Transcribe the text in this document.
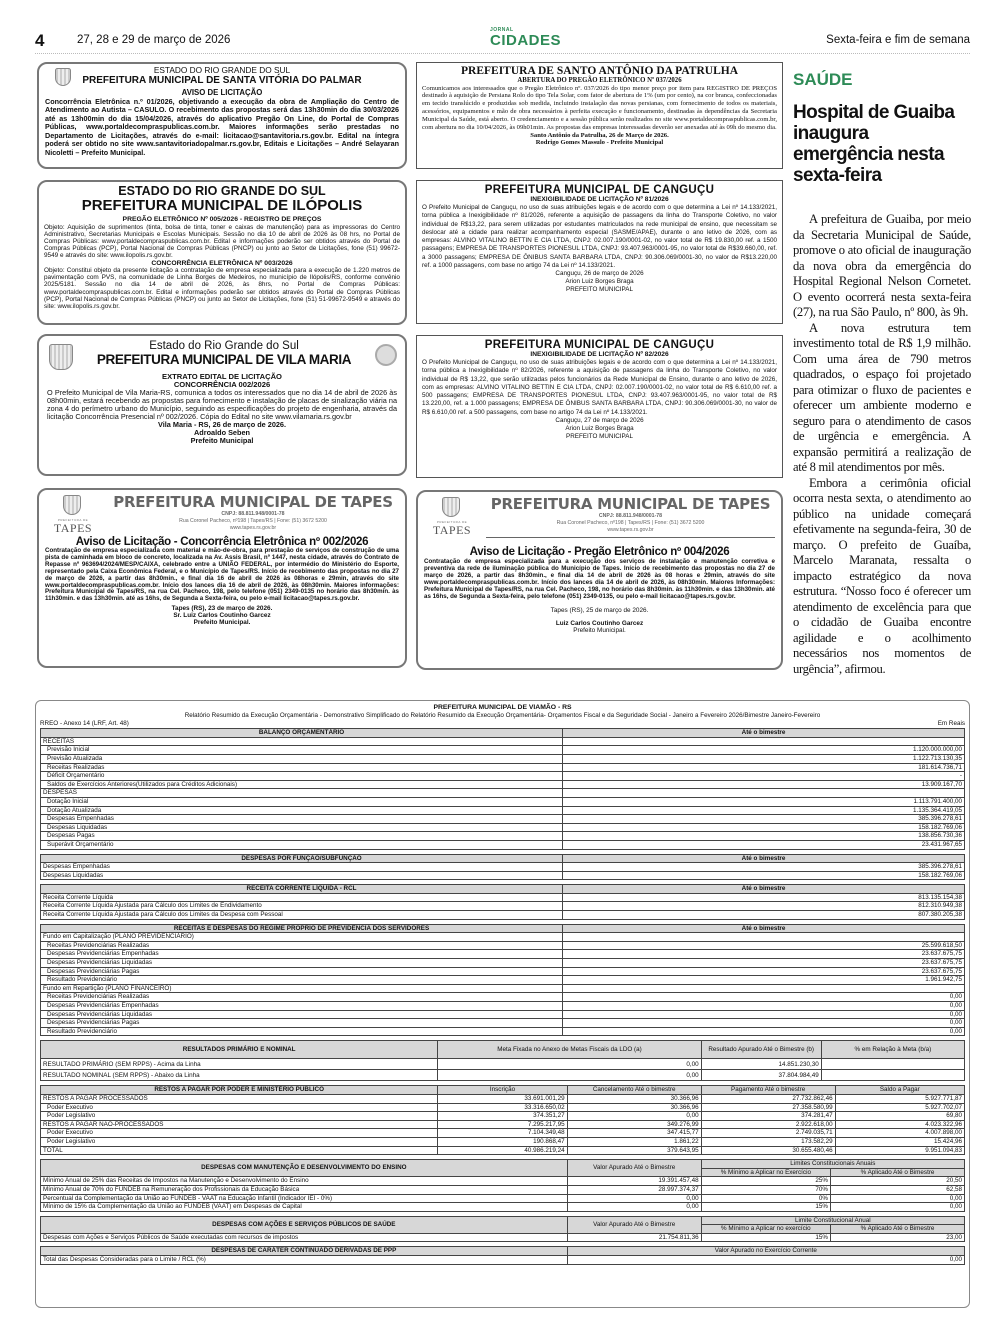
4	27, 28 e 29 de março de 2026
JORNAL
CIDADES	Sexta-feira e fim de semana
ESTADO DO RIO GRANDE DO SUL
PREFEITURA MUNICIPAL DE SANTA VITÓRIA DO PALMAR
AVISO DE LICITAÇÃO
Concorrência Eletrônica n.º 01/2026, objetivando a execução da obra de Ampliação do Centro de Atendimento ao Autista – CASULO. O recebimento das propostas será das 13h30min do dia 30/03/2026 até as 13h00min do dia 15/04/2026, através do aplicativo Pregão On Line, do Portal de Compras Públicas, www.portaldecompraspublicas.com.br. Maiores informações serão prestadas no Departamento de Licitações, através do e-mail: licitacao@santavitoria.rs.gov.br. Edital na íntegra poderá ser obtido no site www.santavitoriadopalmar.rs.gov.br, Editais e Licitações – André Selayaran Nicoletti – Prefeito Municipal.
ESTADO DO RIO GRANDE DO SUL
PREFEITURA MUNICIPAL DE ILÓPOLIS
PREGÃO ELETRÔNICO Nº 005/2026 - REGISTRO DE PREÇOS
Objeto: Aquisição de suprimentos (tinta, bolsa de tinta, toner e caixas de manutenção) para as impressoras do Centro Administrativo, Secretarias Municipais e Escolas Municipais. Sessão no dia 10 de abril de 2026 às 08 hrs, no Portal de Compras Públicas: www.portaldecompraspublicas.com.br. Edital e informações poderão ser obtidos através do Portal de Compras Públicas (PCP), Portal Nacional de Compras Públicas (PNCP) ou junto ao Setor de Licitações, fone (51) 99672-9549 e através do site: www.ilopolis.rs.gov.br.
CONCORRÊNCIA ELETRÔNICA Nº 003/2026
Objeto: Constitui objeto da presente licitação a contratação de empresa especializada para a execução de 1.220 metros de pavimentação com PVS, na comunidade de Linha Borges de Medeiros, no município de Ilópolis/RS, conforme convênio 2025/5181. Sessão no dia 14 de abril de 2026, às 8hrs, no Portal de Compras Públicas: www.portaldecompraspublicas.com.br. Edital e informações poderão ser obtidos através do Portal de Compras Públicas (PCP), Portal Nacional de Compras Públicas (PNCP) ou junto ao Setor de Licitações, fone (51) 51-99672-9549 e através do site: www.ilopolis.rs.gov.br.
Estado do Rio Grande do Sul
PREFEITURA MUNICIPAL DE VILA MARIA
EXTRATO EDITAL DE LICITAÇÃO
CONCORRÊNCIA 002/2026
O Prefeito Municipal de Vila Maria-RS, comunica a todos os interessados que no dia 14 de abril de 2026 às 08h00min, estará recebendo as propostas para fornecimento e instalação de placas de sinalização viária na zona 4 do perímetro urbano do Município, seguindo as especificações do projeto de engenharia, através da licitação Concorrência Presencial nº 002/2026. Cópia do Edital no site www.vilamaria.rs.gov.br
Vila Maria - RS, 26 de março de 2026.
Adroaldo Seben
Prefeito Municipal
PREFEITURA DE SANTO ANTÔNIO DA PATRULHA
ABERTURA DO PREGÃO ELETRÔNICO Nº 037/2026
Comunicamos aos interessados que o Pregão Eletrônico nº. 037/2026 do tipo menor preço por item para REGISTRO DE PREÇOS destinado à aquisição de Persiana Rolo do tipo Tela Solar, com fator de abertura de 1% (um por cento), na cor branca, confeccionadas em tecido translúcido e produzidas sob medida, incluindo instalação das novas persianas, com fornecimento de todos os materiais, acessórios, equipamentos e mão de obra necessários à perfeita execução e funcionamento, destinadas às dependências da Secretaria Municipal da Saúde, está aberto. O credenciamento e a sessão pública serão realizados no site www.portaldecompraspublicas.com.br, com abertura no dia 10/04/2026, às 09h01min. As propostas das empresas interessadas deverão ser anexadas até às 09h do mesmo dia.
Santo Antônio da Patrulha, 26 de Março de 2026.
Rodrigo Gomes Massulo - Prefeito Municipal
PREFEITURA MUNICIPAL DE CANGUÇU
INEXIGIBILIDADE DE LICITAÇÃO Nº 81/2026
O Prefeito Municipal de Canguçu, no uso de suas atribuições legais e de acordo com o que determina a Lei nº 14.133/2021, torna pública a Inexigibilidade nº 81/2026, referente a aquisição de passagens da linha do Transporte Coletivo, no valor individual de R$13,22, para serem utilizadas por estudantes matriculados na rede municipal de ensino, que necessitam se deslocar até a cidade para realizar acompanhamento especial (SASME/APAE), durante o ano letivo de 2026, com as empresas: ALVINO VITALINO BETTIN E CIA LTDA, CNPJ: 02.007.190/0001-02, no valor total de R$ 19.830,00 ref. a 1500 passagens; EMPRESA DE TRANSPORTES PIONESUL LTDA, CNPJ: 93.407.963/0001-95, no valor total de R$39.660,00, ref. a 3000 passagens; EMPRESA DE ÔNIBUS SANTA BARBARA LTDA, CNPJ: 90.306.069/0001-30, no valor de R$13.220,00 ref. a 1000 passagens, com base no artigo 74 da Lei nº 14.133/2021.
Canguçu, 26 de março de 2026
Arion Luiz Borges Braga
PREFEITO MUNICIPAL
PREFEITURA MUNICIPAL DE CANGUÇU
INEXIGIBILIDADE DE LICITAÇÃO Nº 82/2026
O Prefeito Municipal de Canguçu, no uso de suas atribuições legais e de acordo com o que determina a Lei nº 14.133/2021, torna pública a Inexigibilidade nº 82/2026, referente a aquisição de passagens da linha do Transporte Coletivo, no valor individual de R$ 13,22, que serão utilizadas pelos funcionários da Rede Municipal de Ensino, durante o ano letivo de 2026, com as empresas: ALVINO VITALINO BETTIN E CIA LTDA, CNPJ: 02.007.190/0001-02, no valor total de R$ 6.610,00 ref. a 500 passagens; EMPRESA DE TRANSPORTES PIONESUL LTDA, CNPJ: 93.407.963/0001-95, no valor total de R$ 13.220,00, ref. a 1.000 passagens; EMPRESA DE ÔNIBUS SANTA BARBARA LTDA, CNPJ: 90.306.069/0001-30, no valor de R$ 6.610,00 ref. a 500 passagens, com base no artigo 74 da Lei nº 14.133/2021.
Canguçu, 27 de março de 2026
Arion Luiz Borges Braga
PREFEITO MUNICIPAL
PREFEITURA DE
TAPES
PREFEITURA MUNICIPAL DE TAPES
CNPJ: 88.811.948/0001-78
Rua Coronel Pacheco, nº198 | Tapes/RS | Fone: (51) 3672 5200
www.tapes.rs.gov.br
Aviso de Licitação - Concorrência Eletrônica nº 002/2026
Contratação de empresa especializada com material e mão-de-obra, para prestação de serviços de construção de uma pista de caminhada em bloco de concreto, localizada na Av. Assis Brasil, nº 1447, nesta cidade, através do Contrato de Repasse nº 963694/2024/MESP/CAIXA, celebrado entre a UNIÃO FEDERAL, por intermédio do Ministério do Esporte, representado pela Caixa Econômica Federal, e o Município de Tapes/RS. Início de recebimento das propostas no dia 27 de março de 2026, a partir das 8h30min., e final dia 16 de abril de 2026 às 08horas e 29min, através do site www.portaldecompraspublicas.com.br. Início dos lances dia 16 de abril de 2026, às 08h30min. Maiores informações: Prefeitura Municipal de Tapes/RS, na rua Cel. Pacheco, 198, pelo telefone (051) 2349-0135 no horário das 8h30min. às 11h30min. e das 13h30min. até as 16hs, de Segunda a Sexta-feira, ou pelo e-mail licitacao@tapes.rs.gov.br.
Tapes (RS), 23 de março de 2026.
Sr. Luiz Carlos Coutinho Garcez
Prefeito Municipal.
PREFEITURA DE
TAPES
PREFEITURA MUNICIPAL DE TAPES
CNPJ: 88.811.948/0001-78
Rua Coronel Pacheco, nº198 | Tapes/RS | Fone: (51) 3672 5200
www.tapes.rs.gov.br
Aviso de Licitação - Pregão Eletrônico nº 004/2026
Contratação de empresa especializada para a execução dos serviços de instalação e manutenção corretiva e preventiva da rede de iluminação pública do Município de Tapes. Início de recebimento das propostas no dia 27 de março de 2026, a partir das 8h30min., e final dia 14 de abril de 2026 às 08 horas e 29min, através do site www.portaldecompraspublicas.com.br. Início dos lances dia 14 de abril de 2026, às 08h30min. Maiores Informações: Prefeitura Municipal de Tapes/RS, na rua Cel. Pacheco, 198, no horário das 8h30min. às 11h30min. e das 13h30min. até as 16hs, de Segunda a Sexta-feira, pelo telefone (051) 2349-0135, ou pelo e-mail licitacao@tapes.rs.gov.br.
Tapes (RS), 25 de março de 2026.
Luiz Carlos Coutinho Garcez
Prefeito Municipal.
SAÚDE
Hospital de Guaiba inaugura emergência nesta sexta-feira

A prefeitura de Guaiba, por meio da Secretaria Municipal de Saúde, promove o ato oficial de inauguração da nova obra da emergência do Hospital Regional Nelson Cornetet. O evento ocorrerá nesta sexta-feira (27), na rua São Paulo, nº 800, às 9h.

A nova estrutura tem investimento total de R$ 1,9 milhão. Com uma área de 790 metros quadrados, o espaço foi projetado para otimizar o fluxo de pacientes e oferecer um ambiente moderno e seguro para o atendimento de casos de urgência e emergência. A expansão permitirá a realização de até 8 mil atendimentos por mês.

Embora a cerimônia oficial ocorra nesta sexta, o atendimento ao público na unidade começará efetivamente na segunda-feira, 30 de março. O prefeito de Guaíba, Marcelo Maranata, ressalta o impacto estratégico da nova estrutura. “Nosso foco é oferecer um atendimento de excelência para que o cidadão de Guaiba encontre agilidade e o acolhimento necessários nos momentos de urgência”, afirmou.

PREFEITURA MUNICIPAL DE VIAMÃO - RS
Relatório Resumido da Execução Orçamentária - Demonstrativo Simplificado do Relatório Resumido da Execução Orçamentária- Orçamentos Fiscal e da Seguridade Social - Janeiro a Fevereiro 2026/Bimestre Janeiro-Fevereiro
RREO - Anexo 14 (LRF, Art. 48)	Em Reais
BALANÇO ORÇAMENTÁRIO	Até o bimestre
RECEITAS	
Previsão Inicial	1.120.000.000,00
Previsão Atualizada	1.122.713.130,35
Receitas Realizadas	181.614.736,71
Déficit Orçamentário	-
Saldos de Exercícios Anteriores(Utilizados para Créditos Adicionais)	13.909.167,70
DESPESAS	
Dotação Inicial	1.113.791.400,00
Dotação Atualizada	1.135.364.419,05
Despesas Empenhadas	385.396.278,61
Despesas Liquidadas	158.182.769,06
Despesas Pagas	138.856.730,36
Superávit Orçamentário	23.431.967,65
DESPESAS POR FUNÇÃO/SUBFUNÇÃO	Até o bimestre
Despesas Empenhadas	385.396.278,61
Despesas Liquidadas	158.182.769,06
RECEITA CORRENTE LÍQUIDA - RCL	Até o bimestre
Receita Corrente Líquida	813.135.154,38
Receita Corrente Líquida Ajustada para Cálculo dos Limites de Endividamento	812.310.949,38
Receita Corrente Líquida Ajustada para Cálculo dos Limites da Despesa com Pessoal	807.380.205,38
RECEITAS E DESPESAS DO REGIME PRÓPRIO DE PREVIDÊNCIA DOS SERVIDORES	Até o bimestre
Fundo em Capitalização (PLANO PREVIDENCIÁRIO)	
Receitas Previdenciárias Realizadas	25.599.618,50
Despesas Previdenciárias Empenhadas	23.637.675,75
Despesas Previdenciárias Liquidadas	23.637.675,75
Despesas Previdenciárias Pagas	23.637.675,75
Resultado Previdenciário	1.961.942,75
Fundo em Repartição (PLANO FINANCEIRO)	
Receitas Previdenciárias Realizadas	0,00
Despesas Previdenciárias Empenhadas	0,00
Despesas Previdenciárias Liquidadas	0,00
Despesas Previdenciárias Pagas	0,00
Resultado Previdenciário	0,00
RESULTADOS PRIMÁRIO E NOMINAL	Meta Fixada no Anexo de Metas Fiscais da LDO (a)	Resultado Apurado Até o Bimestre (b)	% em Relação à Meta (b/a)
RESULTADO PRIMÁRIO (SEM RPPS) - Acima da Linha	0,00	14.851.230,30	
RESULTADO NOMINAL (SEM RPPS) - Abaixo da Linha	0,00	37.804.984,49	
RESTOS A PAGAR POR PODER E MINISTÉRIO PÚBLICO	Inscrição	Cancelamento Até o bimestre	Pagamento Até o bimestre	Saldo a Pagar
RESTOS A PAGAR PROCESSADOS	33.691.001,29	30.366,96	27.732.862,46	5.927.771,87
Poder Executivo	33.316.650,02	30.366,96	27.358.580,99	5.927.702,07
Poder Legislativo	374.351,27	0,00	374.281,47	69,80
RESTOS A PAGAR NÃO-PROCESSADOS	7.295.217,95	349.276,99	2.922.618,00	4.023.322,96
Poder Executivo	7.104.349,48	347.415,77	2.749.035,71	4.007.898,00
Poder Legislativo	190.868,47	1.861,22	173.582,29	15.424,96
TOTAL	40.986.219,24	379.643,95	30.655.480,46	9.951.094,83
DESPESAS COM MANUTENÇÃO E DESENVOLVIMENTO DO ENSINO	Valor Apurado Até o Bimestre	Limites Constitucionais Anuais	
		% Mínimo a Aplicar no Exercício	% Aplicado Até o Bimestre
Mínimo Anual de 25% das Receitas de Impostos na Manutenção e Desenvolvimento do Ensino	19.391.457,48	25%	20,50
Mínimo Anual de 70% do FUNDEB na Remuneração dos Profissionais da Educação Básica	28.997.374,37	70%	62,58
Percentual da Complementação da União ao FUNDEB - VAAT na Educação Infantil (Indicador IEI - 0%)	0,00	0%	0,00
Mínimo de 15% da Complementação da União ao FUNDEB (VAAT) em Despesas de Capital	0,00	15%	0,00
DESPESAS COM AÇÕES E SERVIÇOS PÚBLICOS DE SAÚDE	Valor Apurado Até o Bimestre	Limite Constitucional Anual	
		% Mínimo a Aplicar no exercício	% Aplicado Até o Bimestre
Despesas com Ações e Serviços Públicos de Saúde executadas com recursos de impostos	21.754.811,36	15%	23,00
DESPESAS DE CARÁTER CONTINUADO DERIVADAS DE PPP	Valor Apurado no Exercício Corrente
Total das Despesas Consideradas para o Limite / RCL (%)	0,00
